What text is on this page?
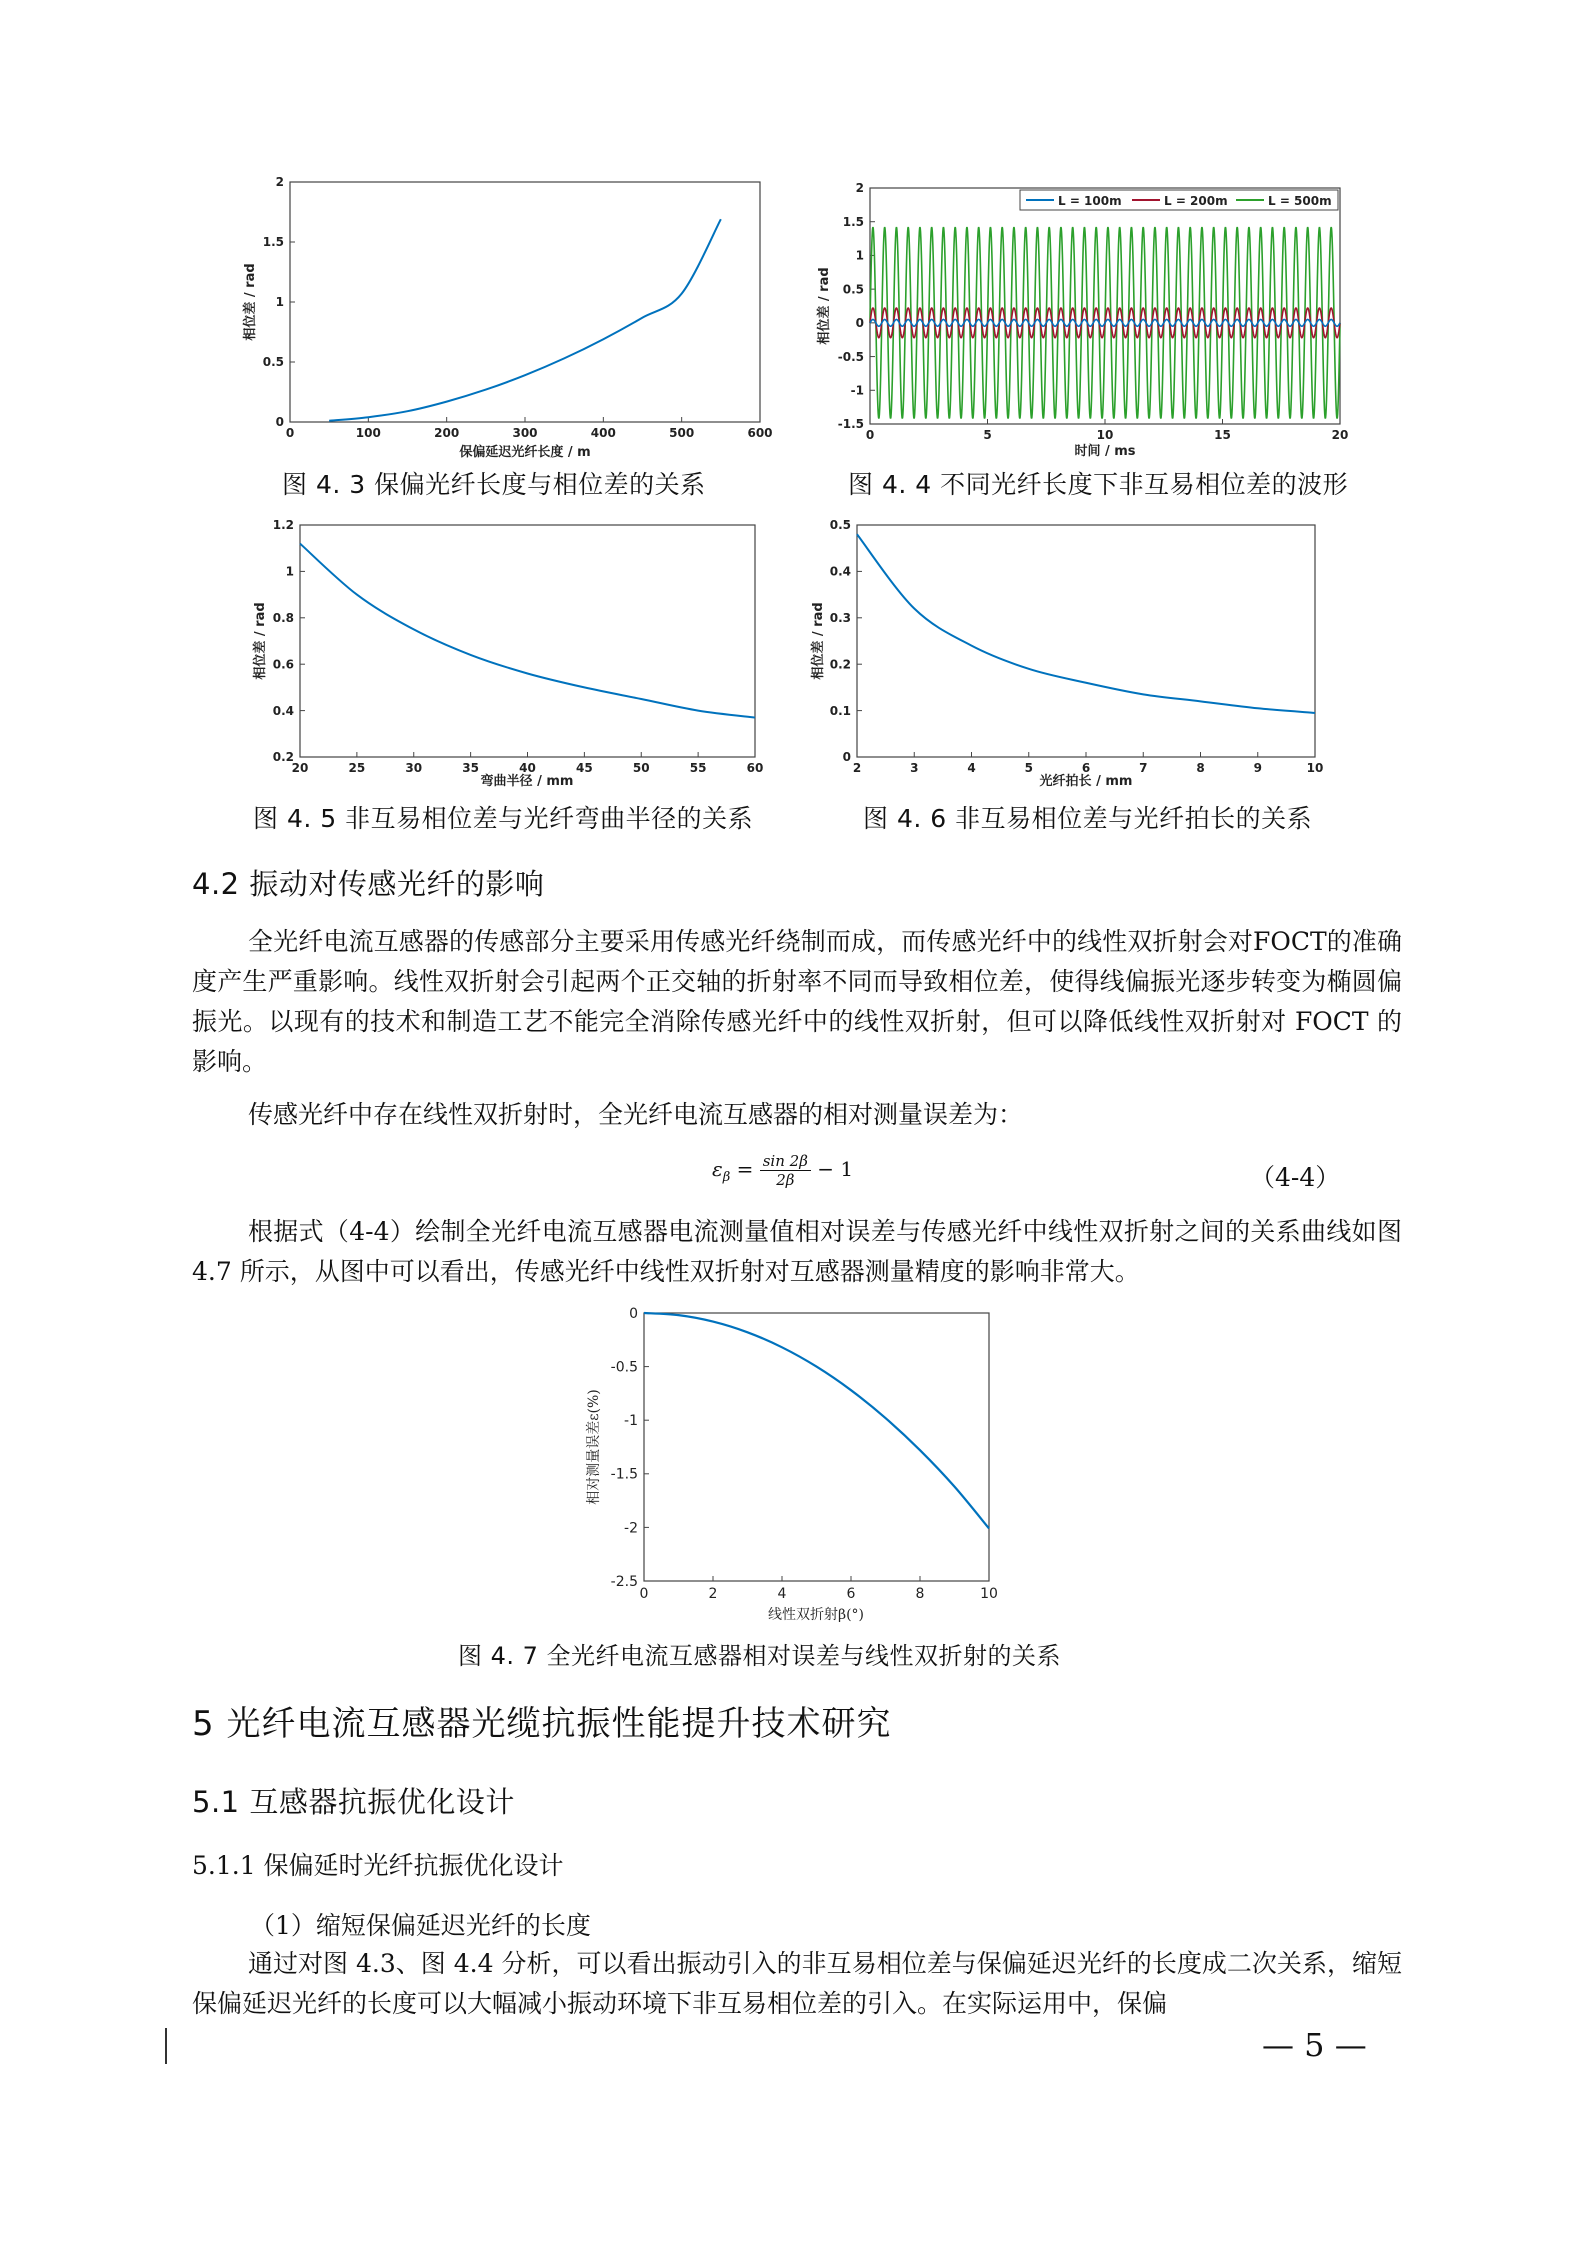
0	100	200	300	400	500	600
0
0.5
1
1.5
2
保偏延迟光纤长度 / m
相位差 / rad
图 4. 3 保偏光纤长度与相位差的关系
0	5	10	15	20
-1.5
-1
-0.5
0
0.5
1
1.5
2
L = 100m	L = 200m	L = 500m
时间 / ms
相位差 / rad
图 4. 4 不同光纤长度下非互易相位差的波形
20	25	30	35	40	45	50	55	60
0.2
0.4
0.6
0.8
1
1.2
弯曲半径 / mm
相位差 / rad
图 4. 5 非互易相位差与光纤弯曲半径的关系
2	3	4	5	6	7	8	9	10
0
0.1
0.2
0.3
0.4
0.5
光纤拍长 / mm
相位差 / rad
图 4. 6 非互易相位差与光纤拍长的关系
4.2 振动对传感光纤的影响

全光纤电流互感器的传感部分主要采用传感光纤绕制而成，而传感光纤中的线性双折射会对FOCT的准确度产生严重影响。线性双折射会引起两个正交轴的折射率不同而导致相位差，使得线偏振光逐步转变为椭圆偏振光。以现有的技术和制造工艺不能完全消除传感光纤中的线性双折射，但可以降低线性双折射对 FOCT 的影响。

传感光纤中存在线性双折射时，全光纤电流互感器的相对测量误差为：

$\varepsilon_\beta = \frac{\sin 2\beta}{2\beta} - 1$	（4-4）

根据式（4-4）绘制全光纤电流互感器电流测量值相对误差与传感光纤中线性双折射之间的关系曲线如图 4.7 所示，从图中可以看出，传感光纤中线性双折射对互感器测量精度的影响非常大。

0	2	4	6	8	10
-2.5
-2
-1.5
-1
-0.5
0
线性双折射β(°)
相对测量误差ε(%)
图 4. 7 全光纤电流互感器相对误差与线性双折射的关系
5 光纤电流互感器光缆抗振性能提升技术研究
5.1 互感器抗振优化设计
5.1.1 保偏延时光纤抗振优化设计
（1）缩短保偏延迟光纤的长度

通过对图 4.3、图 4.4 分析，可以看出振动引入的非互易相位差与保偏延迟光纤的长度成二次关系，缩短保偏延迟光纤的长度可以大幅减小振动环境下非互易相位差的引入。在实际运用中，保偏

— 5 —
